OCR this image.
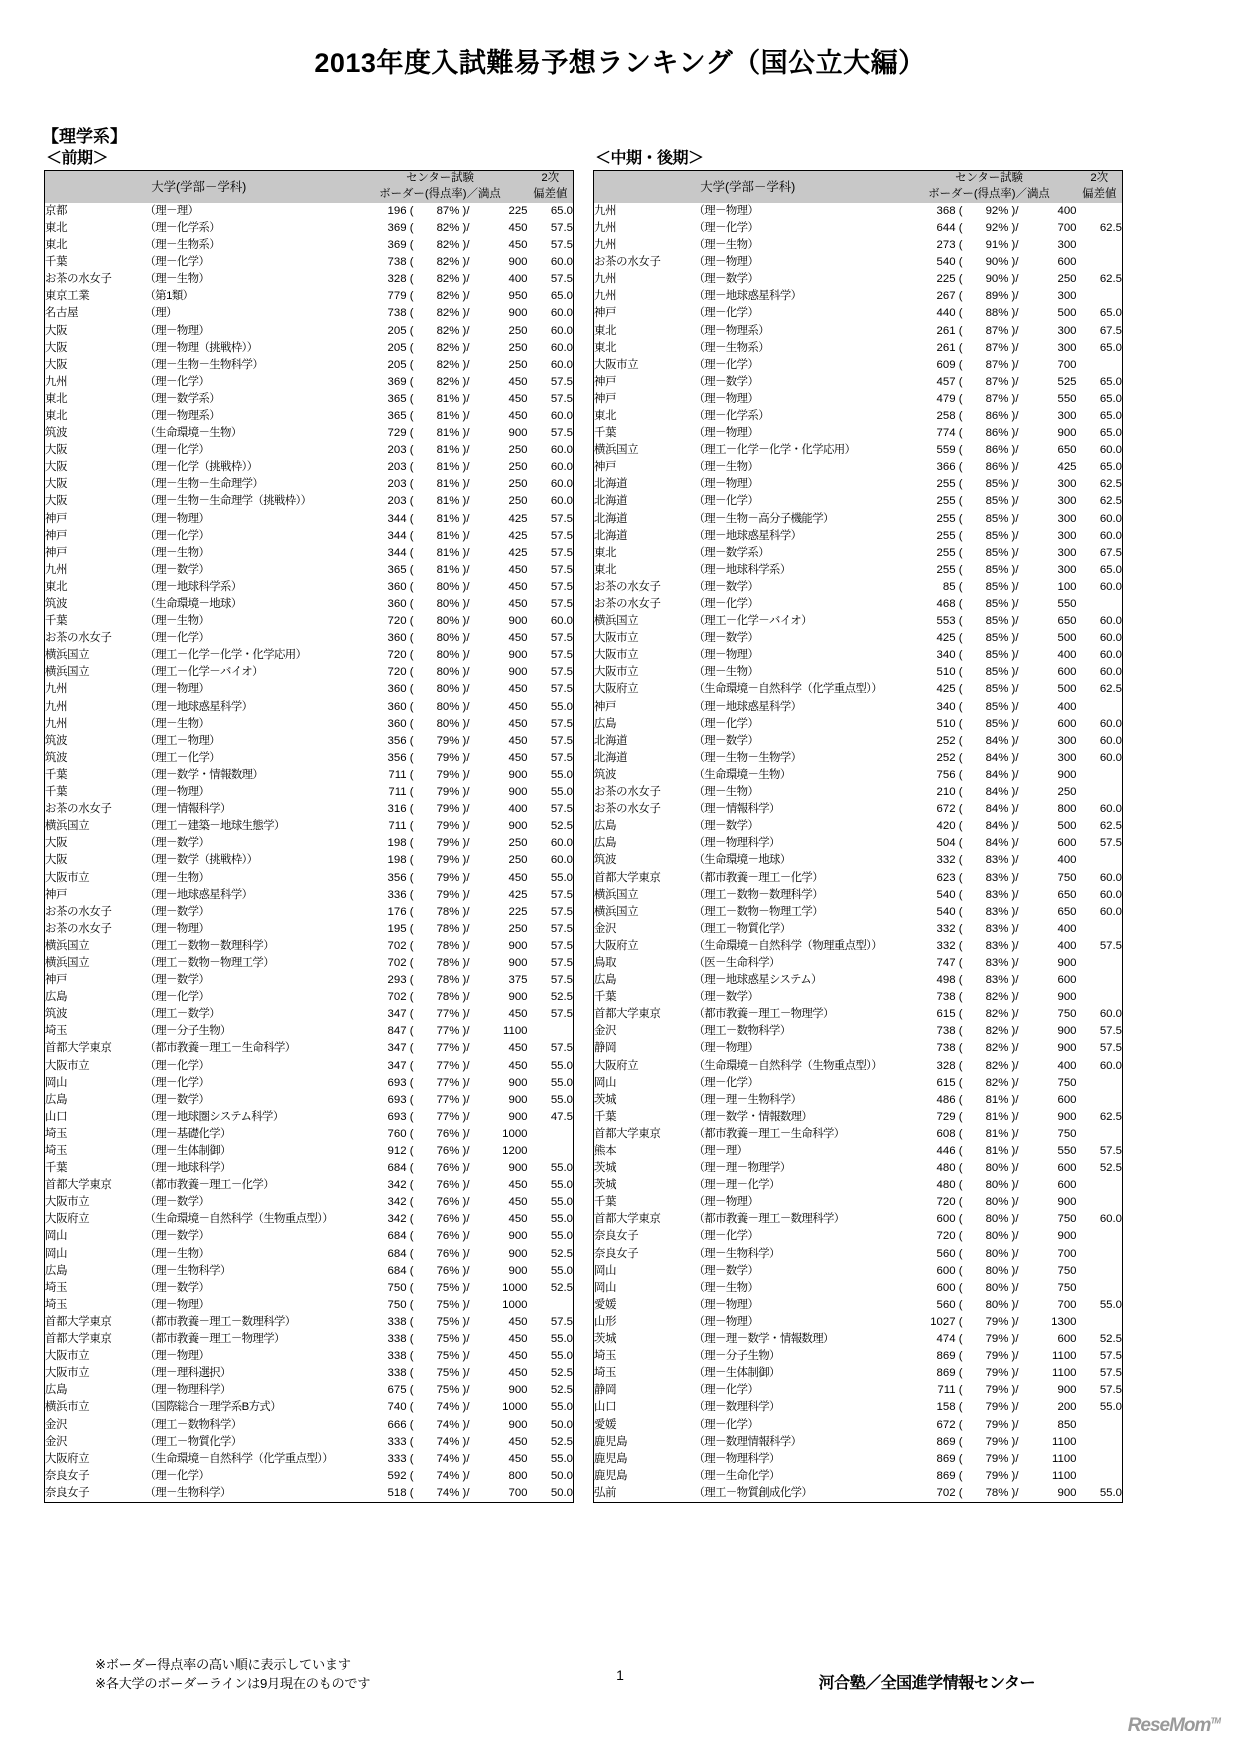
2013年度入試難易予想ランキング（国公立大編）
【理学系】
＜前期＞
大学(学部－学科)		センター試験			2次
		ボーダー(得点率)／満点			偏差値
京都	（理－理）	196 (	87% )/	225	65.0
東北	（理－化学系）	369 (	82% )/	450	57.5
東北	（理－生物系）	369 (	82% )/	450	57.5
千葉	（理－化学）	738 (	82% )/	900	60.0
お茶の水女子	（理－生物）	328 (	82% )/	400	57.5
東京工業	（第1類）	779 (	82% )/	950	65.0
名古屋	（理）	738 (	82% )/	900	60.0
大阪	（理－物理）	205 (	82% )/	250	60.0
大阪	（理－物理（挑戦枠））	205 (	82% )/	250	60.0
大阪	（理－生物－生物科学）	205 (	82% )/	250	60.0
九州	（理－化学）	369 (	82% )/	450	57.5
東北	（理－数学系）	365 (	81% )/	450	57.5
東北	（理－物理系）	365 (	81% )/	450	60.0
筑波	（生命環境－生物）	729 (	81% )/	900	57.5
大阪	（理－化学）	203 (	81% )/	250	60.0
大阪	（理－化学（挑戦枠））	203 (	81% )/	250	60.0
大阪	（理－生物－生命理学）	203 (	81% )/	250	60.0
大阪	（理－生物－生命理学（挑戦枠））	203 (	81% )/	250	60.0
神戸	（理－物理）	344 (	81% )/	425	57.5
神戸	（理－化学）	344 (	81% )/	425	57.5
神戸	（理－生物）	344 (	81% )/	425	57.5
九州	（理－数学）	365 (	81% )/	450	57.5
東北	（理－地球科学系）	360 (	80% )/	450	57.5
筑波	（生命環境－地球）	360 (	80% )/	450	57.5
千葉	（理－生物）	720 (	80% )/	900	60.0
お茶の水女子	（理－化学）	360 (	80% )/	450	57.5
横浜国立	（理工－化学－化学・化学応用）	720 (	80% )/	900	57.5
横浜国立	（理工－化学－バイオ）	720 (	80% )/	900	57.5
九州	（理－物理）	360 (	80% )/	450	57.5
九州	（理－地球惑星科学）	360 (	80% )/	450	55.0
九州	（理－生物）	360 (	80% )/	450	57.5
筑波	（理工－物理）	356 (	79% )/	450	57.5
筑波	（理工－化学）	356 (	79% )/	450	57.5
千葉	（理－数学・情報数理）	711 (	79% )/	900	55.0
千葉	（理－物理）	711 (	79% )/	900	55.0
お茶の水女子	（理－情報科学）	316 (	79% )/	400	57.5
横浜国立	（理工－建築－地球生態学）	711 (	79% )/	900	52.5
大阪	（理－数学）	198 (	79% )/	250	60.0
大阪	（理－数学（挑戦枠））	198 (	79% )/	250	60.0
大阪市立	（理－生物）	356 (	79% )/	450	55.0
神戸	（理－地球惑星科学）	336 (	79% )/	425	57.5
お茶の水女子	（理－数学）	176 (	78% )/	225	57.5
お茶の水女子	（理－物理）	195 (	78% )/	250	57.5
横浜国立	（理工－数物－数理科学）	702 (	78% )/	900	57.5
横浜国立	（理工－数物－物理工学）	702 (	78% )/	900	57.5
神戸	（理－数学）	293 (	78% )/	375	57.5
広島	（理－化学）	702 (	78% )/	900	52.5
筑波	（理工－数学）	347 (	77% )/	450	57.5
埼玉	（理－分子生物）	847 (	77% )/	1100	
首都大学東京	（都市教養－理工－生命科学）	347 (	77% )/	450	57.5
大阪市立	（理－化学）	347 (	77% )/	450	55.0
岡山	（理－化学）	693 (	77% )/	900	55.0
広島	（理－数学）	693 (	77% )/	900	55.0
山口	（理－地球圏システム科学）	693 (	77% )/	900	47.5
埼玉	（理－基礎化学）	760 (	76% )/	1000	
埼玉	（理－生体制御）	912 (	76% )/	1200	
千葉	（理－地球科学）	684 (	76% )/	900	55.0
首都大学東京	（都市教養－理工－化学）	342 (	76% )/	450	55.0
大阪市立	（理－数学）	342 (	76% )/	450	55.0
大阪府立	（生命環境－自然科学（生物重点型））	342 (	76% )/	450	55.0
岡山	（理－数学）	684 (	76% )/	900	55.0
岡山	（理－生物）	684 (	76% )/	900	52.5
広島	（理－生物科学）	684 (	76% )/	900	55.0
埼玉	（理－数学）	750 (	75% )/	1000	52.5
埼玉	（理－物理）	750 (	75% )/	1000	
首都大学東京	（都市教養－理工－数理科学）	338 (	75% )/	450	57.5
首都大学東京	（都市教養－理工－物理学）	338 (	75% )/	450	55.0
大阪市立	（理－物理）	338 (	75% )/	450	55.0
大阪市立	（理－理科選択）	338 (	75% )/	450	52.5
広島	（理－物理科学）	675 (	75% )/	900	52.5
横浜市立	（国際総合－理学系B方式）	740 (	74% )/	1000	55.0
金沢	（理工－数物科学）	666 (	74% )/	900	50.0
金沢	（理工－物質化学）	333 (	74% )/	450	52.5
大阪府立	（生命環境－自然科学（化学重点型））	333 (	74% )/	450	55.0
奈良女子	（理－化学）	592 (	74% )/	800	50.0
奈良女子	（理－生物科学）	518 (	74% )/	700	50.0
＜中期・後期＞
大学(学部－学科)		センター試験			2次
		ボーダー(得点率)／満点			偏差値
九州	（理－物理）	368 (	92% )/	400	
九州	（理－化学）	644 (	92% )/	700	62.5
九州	（理－生物）	273 (	91% )/	300	
お茶の水女子	（理－物理）	540 (	90% )/	600	
九州	（理－数学）	225 (	90% )/	250	62.5
九州	（理－地球惑星科学）	267 (	89% )/	300	
神戸	（理－化学）	440 (	88% )/	500	65.0
東北	（理－物理系）	261 (	87% )/	300	67.5
東北	（理－生物系）	261 (	87% )/	300	65.0
大阪市立	（理－化学）	609 (	87% )/	700	
神戸	（理－数学）	457 (	87% )/	525	65.0
神戸	（理－物理）	479 (	87% )/	550	65.0
東北	（理－化学系）	258 (	86% )/	300	65.0
千葉	（理－物理）	774 (	86% )/	900	65.0
横浜国立	（理工－化学－化学・化学応用）	559 (	86% )/	650	60.0
神戸	（理－生物）	366 (	86% )/	425	65.0
北海道	（理－物理）	255 (	85% )/	300	62.5
北海道	（理－化学）	255 (	85% )/	300	62.5
北海道	（理－生物－高分子機能学）	255 (	85% )/	300	60.0
北海道	（理－地球惑星科学）	255 (	85% )/	300	60.0
東北	（理－数学系）	255 (	85% )/	300	67.5
東北	（理－地球科学系）	255 (	85% )/	300	65.0
お茶の水女子	（理－数学）	85 (	85% )/	100	60.0
お茶の水女子	（理－化学）	468 (	85% )/	550	
横浜国立	（理工－化学－バイオ）	553 (	85% )/	650	60.0
大阪市立	（理－数学）	425 (	85% )/	500	60.0
大阪市立	（理－物理）	340 (	85% )/	400	60.0
大阪市立	（理－生物）	510 (	85% )/	600	60.0
大阪府立	（生命環境－自然科学（化学重点型））	425 (	85% )/	500	62.5
神戸	（理－地球惑星科学）	340 (	85% )/	400	
広島	（理－化学）	510 (	85% )/	600	60.0
北海道	（理－数学）	252 (	84% )/	300	60.0
北海道	（理－生物－生物学）	252 (	84% )/	300	60.0
筑波	（生命環境－生物）	756 (	84% )/	900	
お茶の水女子	（理－生物）	210 (	84% )/	250	
お茶の水女子	（理－情報科学）	672 (	84% )/	800	60.0
広島	（理－数学）	420 (	84% )/	500	62.5
広島	（理－物理科学）	504 (	84% )/	600	57.5
筑波	（生命環境－地球）	332 (	83% )/	400	
首都大学東京	（都市教養－理工－化学）	623 (	83% )/	750	60.0
横浜国立	（理工－数物－数理科学）	540 (	83% )/	650	60.0
横浜国立	（理工－数物－物理工学）	540 (	83% )/	650	60.0
金沢	（理工－物質化学）	332 (	83% )/	400	
大阪府立	（生命環境－自然科学（物理重点型））	332 (	83% )/	400	57.5
鳥取	（医－生命科学）	747 (	83% )/	900	
広島	（理－地球惑星システム）	498 (	83% )/	600	
千葉	（理－数学）	738 (	82% )/	900	
首都大学東京	（都市教養－理工－物理学）	615 (	82% )/	750	60.0
金沢	（理工－数物科学）	738 (	82% )/	900	57.5
静岡	（理－物理）	738 (	82% )/	900	57.5
大阪府立	（生命環境－自然科学（生物重点型））	328 (	82% )/	400	60.0
岡山	（理－化学）	615 (	82% )/	750	
茨城	（理－理－生物科学）	486 (	81% )/	600	
千葉	（理－数学・情報数理）	729 (	81% )/	900	62.5
首都大学東京	（都市教養－理工－生命科学）	608 (	81% )/	750	
熊本	（理－理）	446 (	81% )/	550	57.5
茨城	（理－理－物理学）	480 (	80% )/	600	52.5
茨城	（理－理－化学）	480 (	80% )/	600	
千葉	（理－物理）	720 (	80% )/	900	
首都大学東京	（都市教養－理工－数理科学）	600 (	80% )/	750	60.0
奈良女子	（理－化学）	720 (	80% )/	900	
奈良女子	（理－生物科学）	560 (	80% )/	700	
岡山	（理－数学）	600 (	80% )/	750	
岡山	（理－生物）	600 (	80% )/	750	
愛媛	（理－物理）	560 (	80% )/	700	55.0
山形	（理－物理）	1027 (	79% )/	1300	
茨城	（理－理－数学・情報数理）	474 (	79% )/	600	52.5
埼玉	（理－分子生物）	869 (	79% )/	1100	57.5
埼玉	（理－生体制御）	869 (	79% )/	1100	57.5
静岡	（理－化学）	711 (	79% )/	900	57.5
山口	（理－数理科学）	158 (	79% )/	200	55.0
愛媛	（理－化学）	672 (	79% )/	850	
鹿児島	（理－数理情報科学）	869 (	79% )/	1100	
鹿児島	（理－物理科学）	869 (	79% )/	1100	
鹿児島	（理－生命化学）	869 (	79% )/	1100	
弘前	（理工－物質創成化学）	702 (	78% )/	900	55.0
※ボーダー得点率の高い順に表示しています
※各大学のボーダーラインは9月現在のものです
1	河合塾／全国進学情報センター
ReseMom™
